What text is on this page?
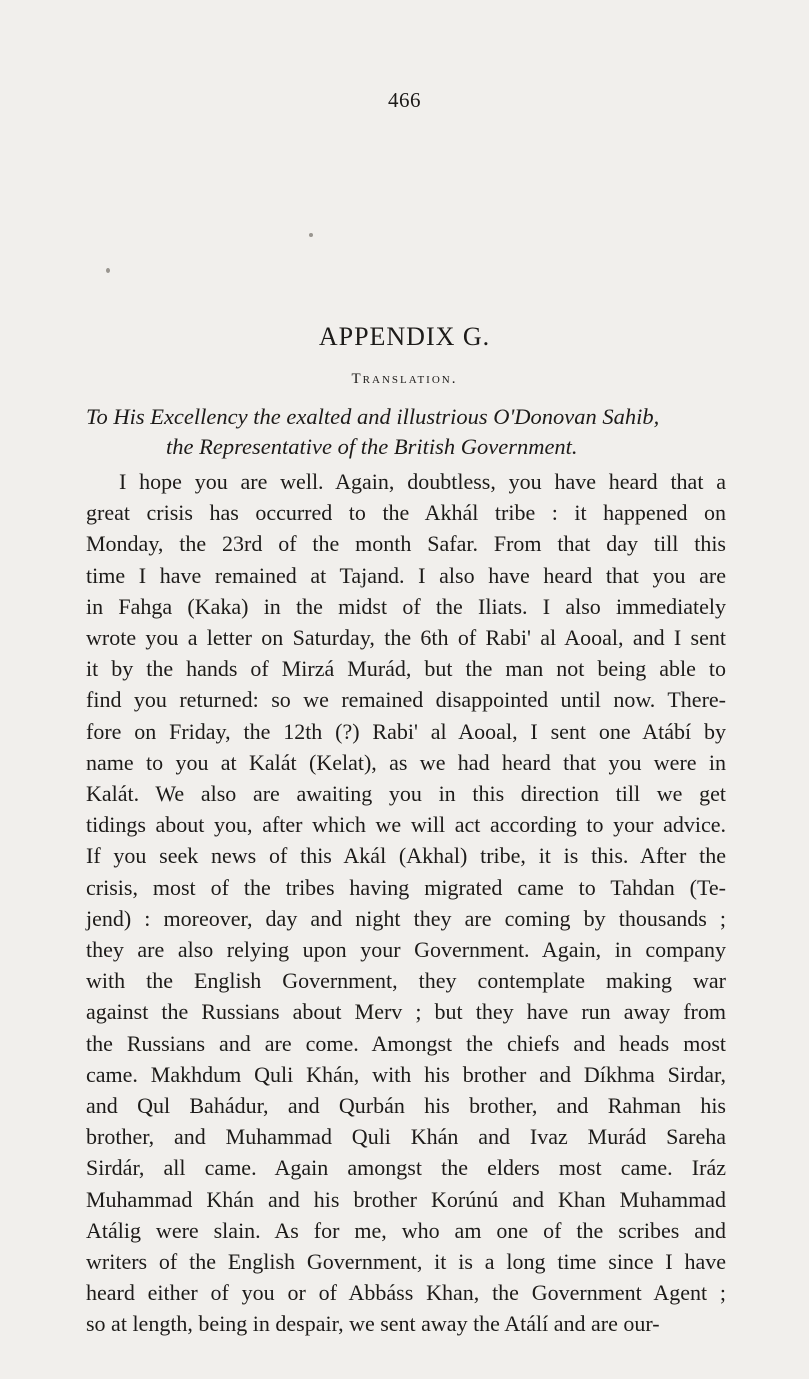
466
APPENDIX G.
Translation.
To His Excellency the exalted and illustrious O'Donovan Sahib,
the Representative of the British Government.
I hope you are well. Again, doubtless, you have heard that a
great crisis has occurred to the Akhál tribe : it happened on
Monday, the 23rd of the month Safar. From that day till this
time I have remained at Tajand. I also have heard that you are
in Fahga (Kaka) in the midst of the Iliats. I also immediately
wrote you a letter on Saturday, the 6th of Rabi' al Aooal, and I sent
it by the hands of Mirzá Murád, but the man not being able to
find you returned: so we remained disappointed until now. There-
fore on Friday, the 12th (?) Rabi' al Aooal, I sent one Atábí by
name to you at Kalát (Kelat), as we had heard that you were in
Kalát. We also are awaiting you in this direction till we get
tidings about you, after which we will act according to your advice.
If you seek news of this Akál (Akhal) tribe, it is this. After the
crisis, most of the tribes having migrated came to Tahdan (Te-
jend) : moreover, day and night they are coming by thousands ;
they are also relying upon your Government. Again, in company
with the English Government, they contemplate making war
against the Russians about Merv ; but they have run away from
the Russians and are come. Amongst the chiefs and heads most
came. Makhdum Quli Khán, with his brother and Díkhma Sirdar,
and Qul Bahádur, and Qurbán his brother, and Rahman his
brother, and Muhammad Quli Khán and Ivaz Murád Sareha
Sirdár, all came. Again amongst the elders most came. Iráz
Muhammad Khán and his brother Korúnú and Khan Muhammad
Atálig were slain. As for me, who am one of the scribes and
writers of the English Government, it is a long time since I have
heard either of you or of Abbáss Khan, the Government Agent ;
so at length, being in despair, we sent away the Atálí and are our-
